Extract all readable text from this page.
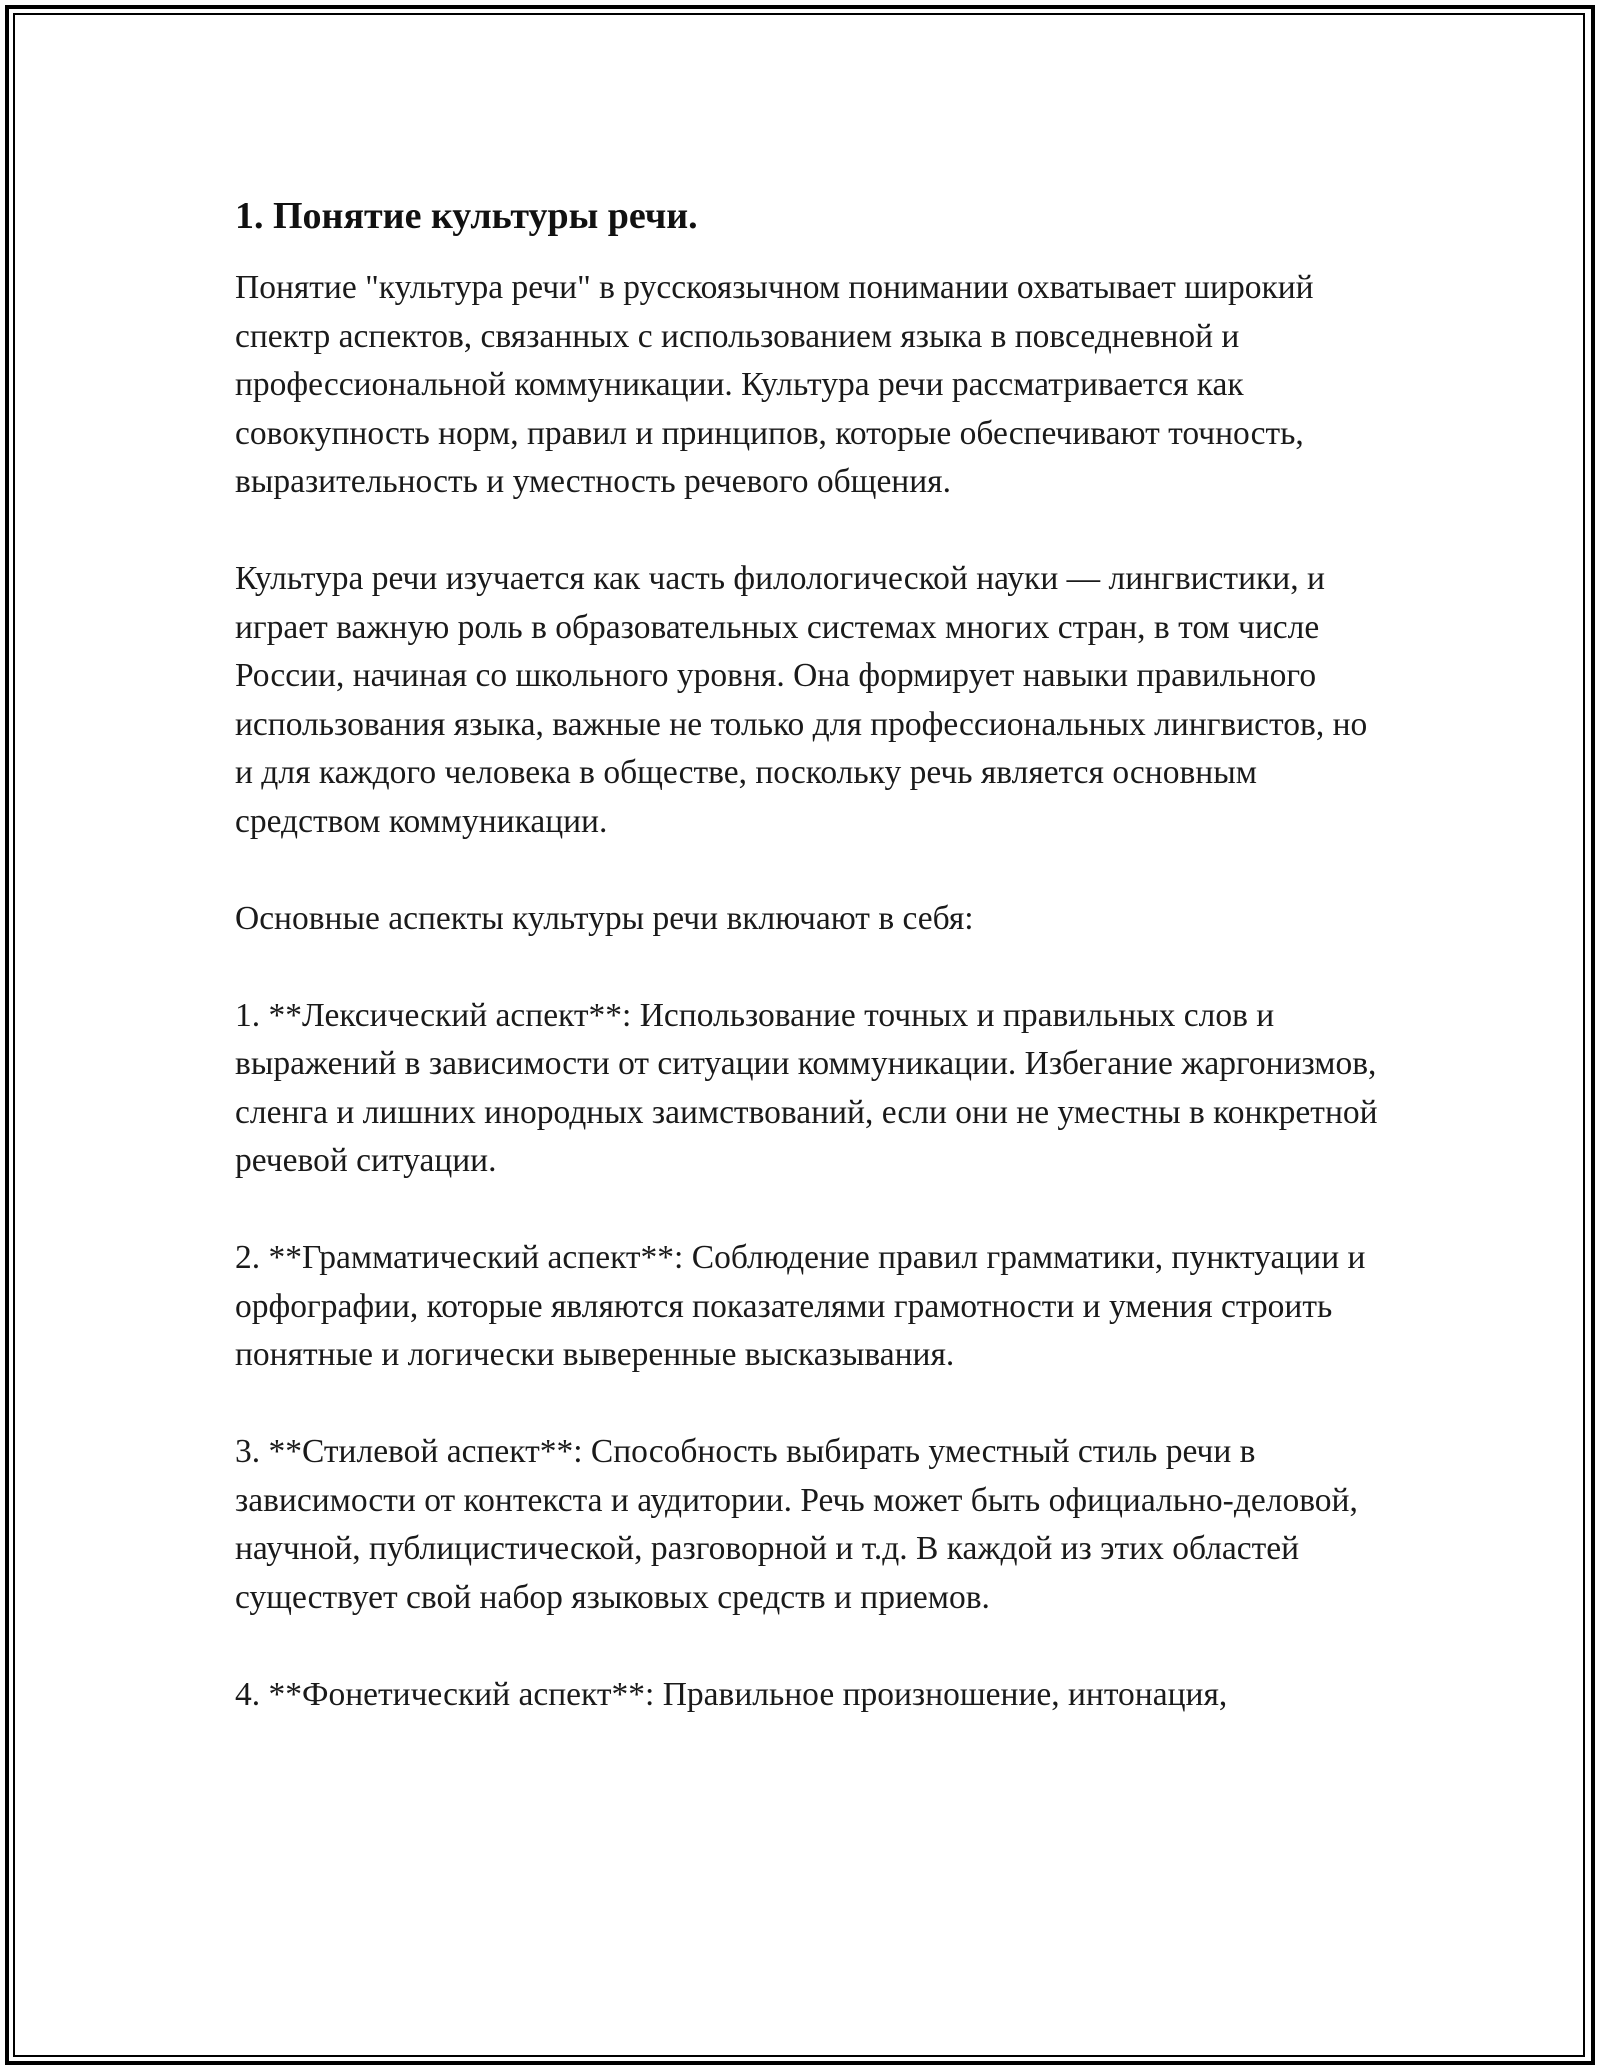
1. Понятие культуры речи.

Понятие "культура речи" в русскоязычном понимании охватывает широкий спектр аспектов, связанных с использованием языка в повседневной и профессиональной коммуникации. Культура речи рассматривается как совокупность норм, правил и принципов, которые обеспечивают точность, выразительность и уместность речевого общения.

Культура речи изучается как часть филологической науки — лингвистики, и играет важную роль в образовательных системах многих стран, в том числе России, начиная со школьного уровня. Она формирует навыки правильного использования языка, важные не только для профессиональных лингвистов, но и для каждого человека в обществе, поскольку речь является основным средством коммуникации.

Основные аспекты культуры речи включают в себя:

1. **Лексический аспект**: Использование точных и правильных слов и выражений в зависимости от ситуации коммуникации. Избегание жаргонизмов, сленга и лишних инородных заимствований, если они не уместны в конкретной речевой ситуации.

2. **Грамматический аспект**: Соблюдение правил грамматики, пунктуации и орфографии, которые являются показателями грамотности и умения строить понятные и логически выверенные высказывания.

3. **Стилевой аспект**: Способность выбирать уместный стиль речи в зависимости от контекста и аудитории. Речь может быть официально-деловой, научной, публицистической, разговорной и т.д. В каждой из этих областей существует свой набор языковых средств и приемов.

4. **Фонетический аспект**: Правильное произношение, интонация,
